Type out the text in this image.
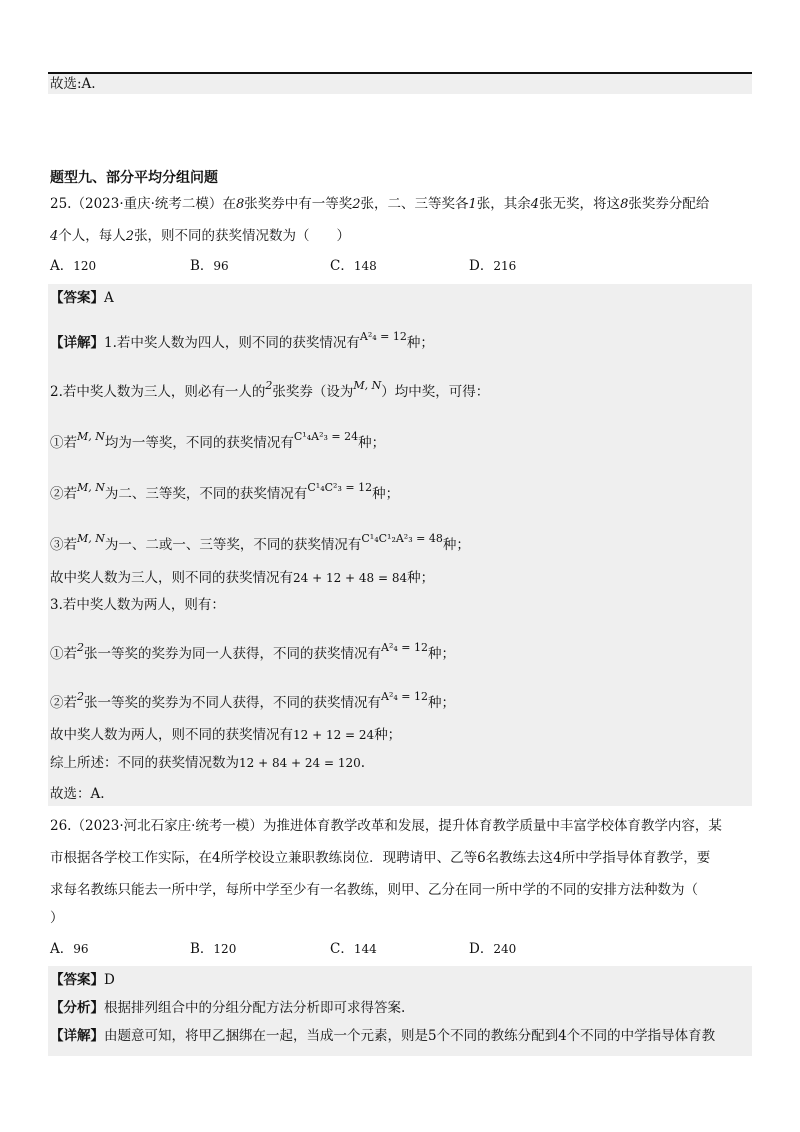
故选:A.
题型九、部分平均分组问题
25.（2023·重庆·统考二模）在8张奖券中有一等奖2张，二、三等奖各1张，其余4张无奖，将这8张奖券分配给
4个人，每人2张，则不同的获奖情况数为（　　）
A．120	B．96	C．148	D．216
【答案】A
【详解】1.若中奖人数为四人，则不同的获奖情况有A²₄ = 12种；
2.若中奖人数为三人，则必有一人的2张奖券（设为M, N）均中奖，可得：
①若M, N均为一等奖，不同的获奖情况有C¹₄A²₃ = 24种；
②若M, N为二、三等奖，不同的获奖情况有C¹₄C²₃ = 12种；
③若M, N为一、二或一、三等奖，不同的获奖情况有C¹₄C¹₂A²₃ = 48种；
故中奖人数为三人，则不同的获奖情况有24 + 12 + 48 = 84种；
3.若中奖人数为两人，则有：
①若2张一等奖的奖券为同一人获得，不同的获奖情况有A²₄ = 12种；
②若2张一等奖的奖券为不同人获得，不同的获奖情况有A²₄ = 12种；
故中奖人数为两人，则不同的获奖情况有12 + 12 = 24种；
综上所述：不同的获奖情况数为12 + 84 + 24 = 120.
故选：A.
26.（2023·河北石家庄·统考一模）为推进体育教学改革和发展，提升体育教学质量中丰富学校体育教学内容，某
市根据各学校工作实际，在4所学校设立兼职教练岗位．现聘请甲、乙等6名教练去这4所中学指导体育教学，要
求每名教练只能去一所中学，每所中学至少有一名教练，则甲、乙分在同一所中学的不同的安排方法种数为（
）
A．96	B．120	C．144	D．240
【答案】D
【分析】根据排列组合中的分组分配方法分析即可求得答案.
【详解】由题意可知，将甲乙捆绑在一起，当成一个元素，则是5个不同的教练分配到4个不同的中学指导体育教
